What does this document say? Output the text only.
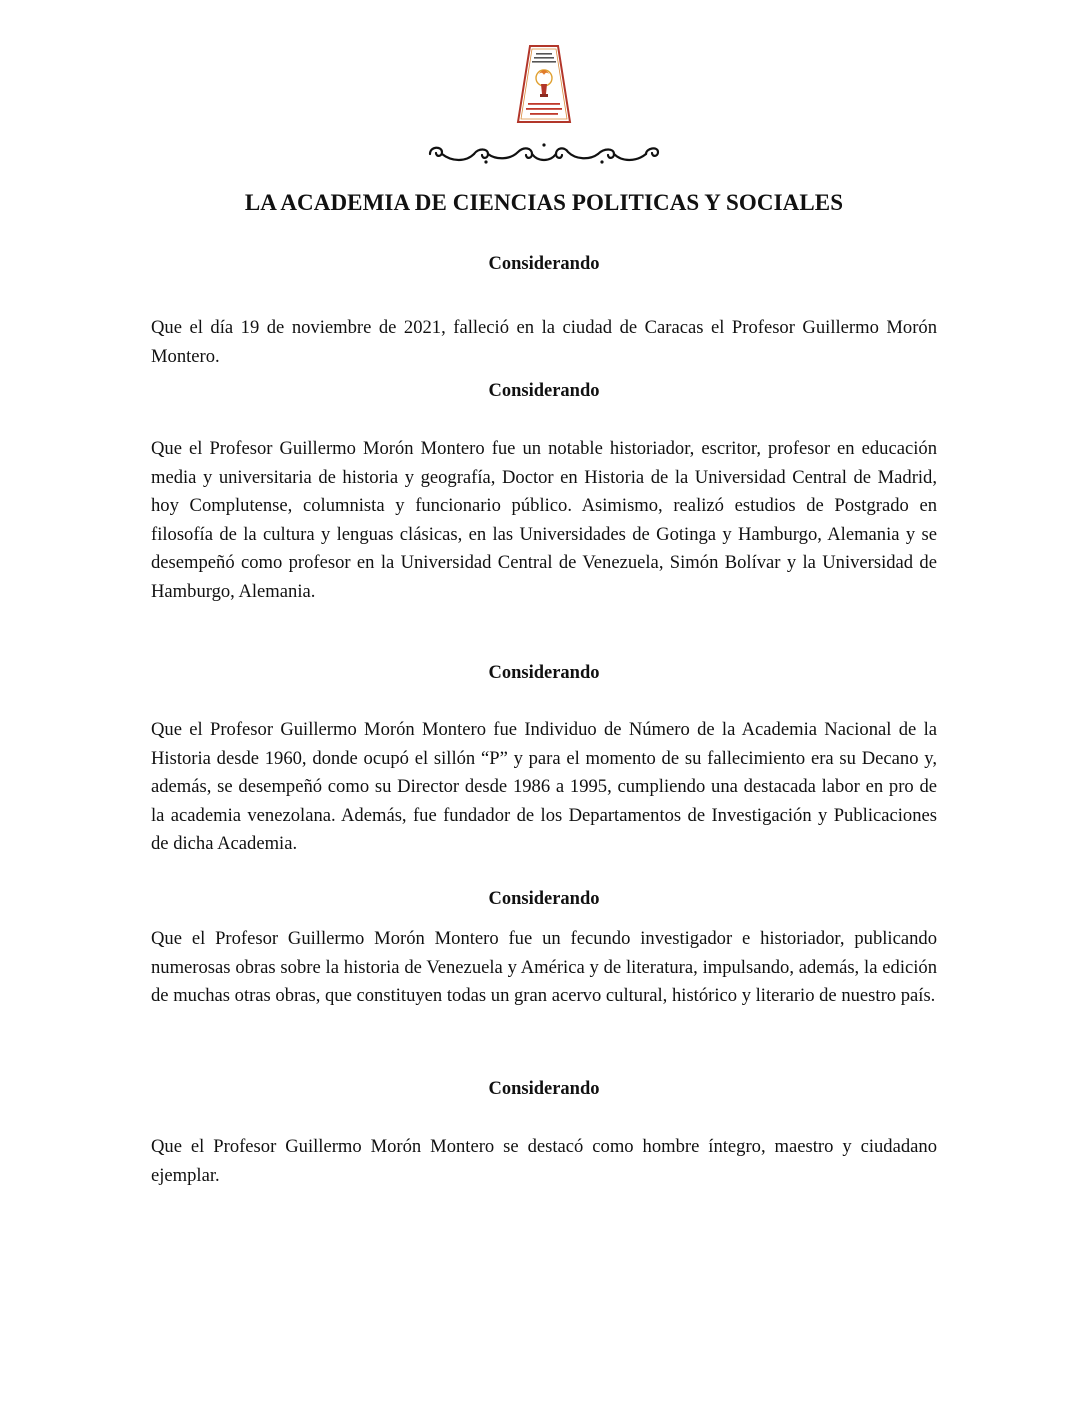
LA ACADEMIA DE CIENCIAS POLITICAS Y SOCIALES
Considerando
Que el día 19 de noviembre de 2021, falleció en la ciudad de Caracas el Profesor Guillermo Morón Montero.
Considerando
Que el Profesor Guillermo Morón Montero fue un notable historiador, escritor, profesor en educación media y universitaria de historia y geografía, Doctor en Historia de la Universidad Central de Madrid, hoy Complutense, columnista y funcionario público. Asimismo, realizó estudios de Postgrado en filosofía de la cultura y lenguas clásicas, en las Universidades de Gotinga y Hamburgo, Alemania y se desempeñó como profesor en la Universidad Central de Venezuela, Simón Bolívar y la Universidad de Hamburgo, Alemania.
Considerando
Que el Profesor Guillermo Morón Montero fue Individuo de Número de la Academia Nacional de la Historia desde 1960, donde ocupó el sillón “P” y para el momento de su fallecimiento era su Decano y, además, se desempeñó como su Director desde 1986 a 1995, cumpliendo una destacada labor en pro de la academia venezolana. Además, fue fundador de los Departamentos de Investigación y Publicaciones de dicha Academia.
Considerando
Que el Profesor Guillermo Morón Montero fue un fecundo investigador e historiador, publicando numerosas obras sobre la historia de Venezuela y América y de literatura, impulsando, además, la edición de muchas otras obras, que constituyen todas un gran acervo cultural, histórico y literario de nuestro país.
Considerando
Que el Profesor Guillermo Morón Montero se destacó como hombre íntegro, maestro y ciudadano ejemplar.
